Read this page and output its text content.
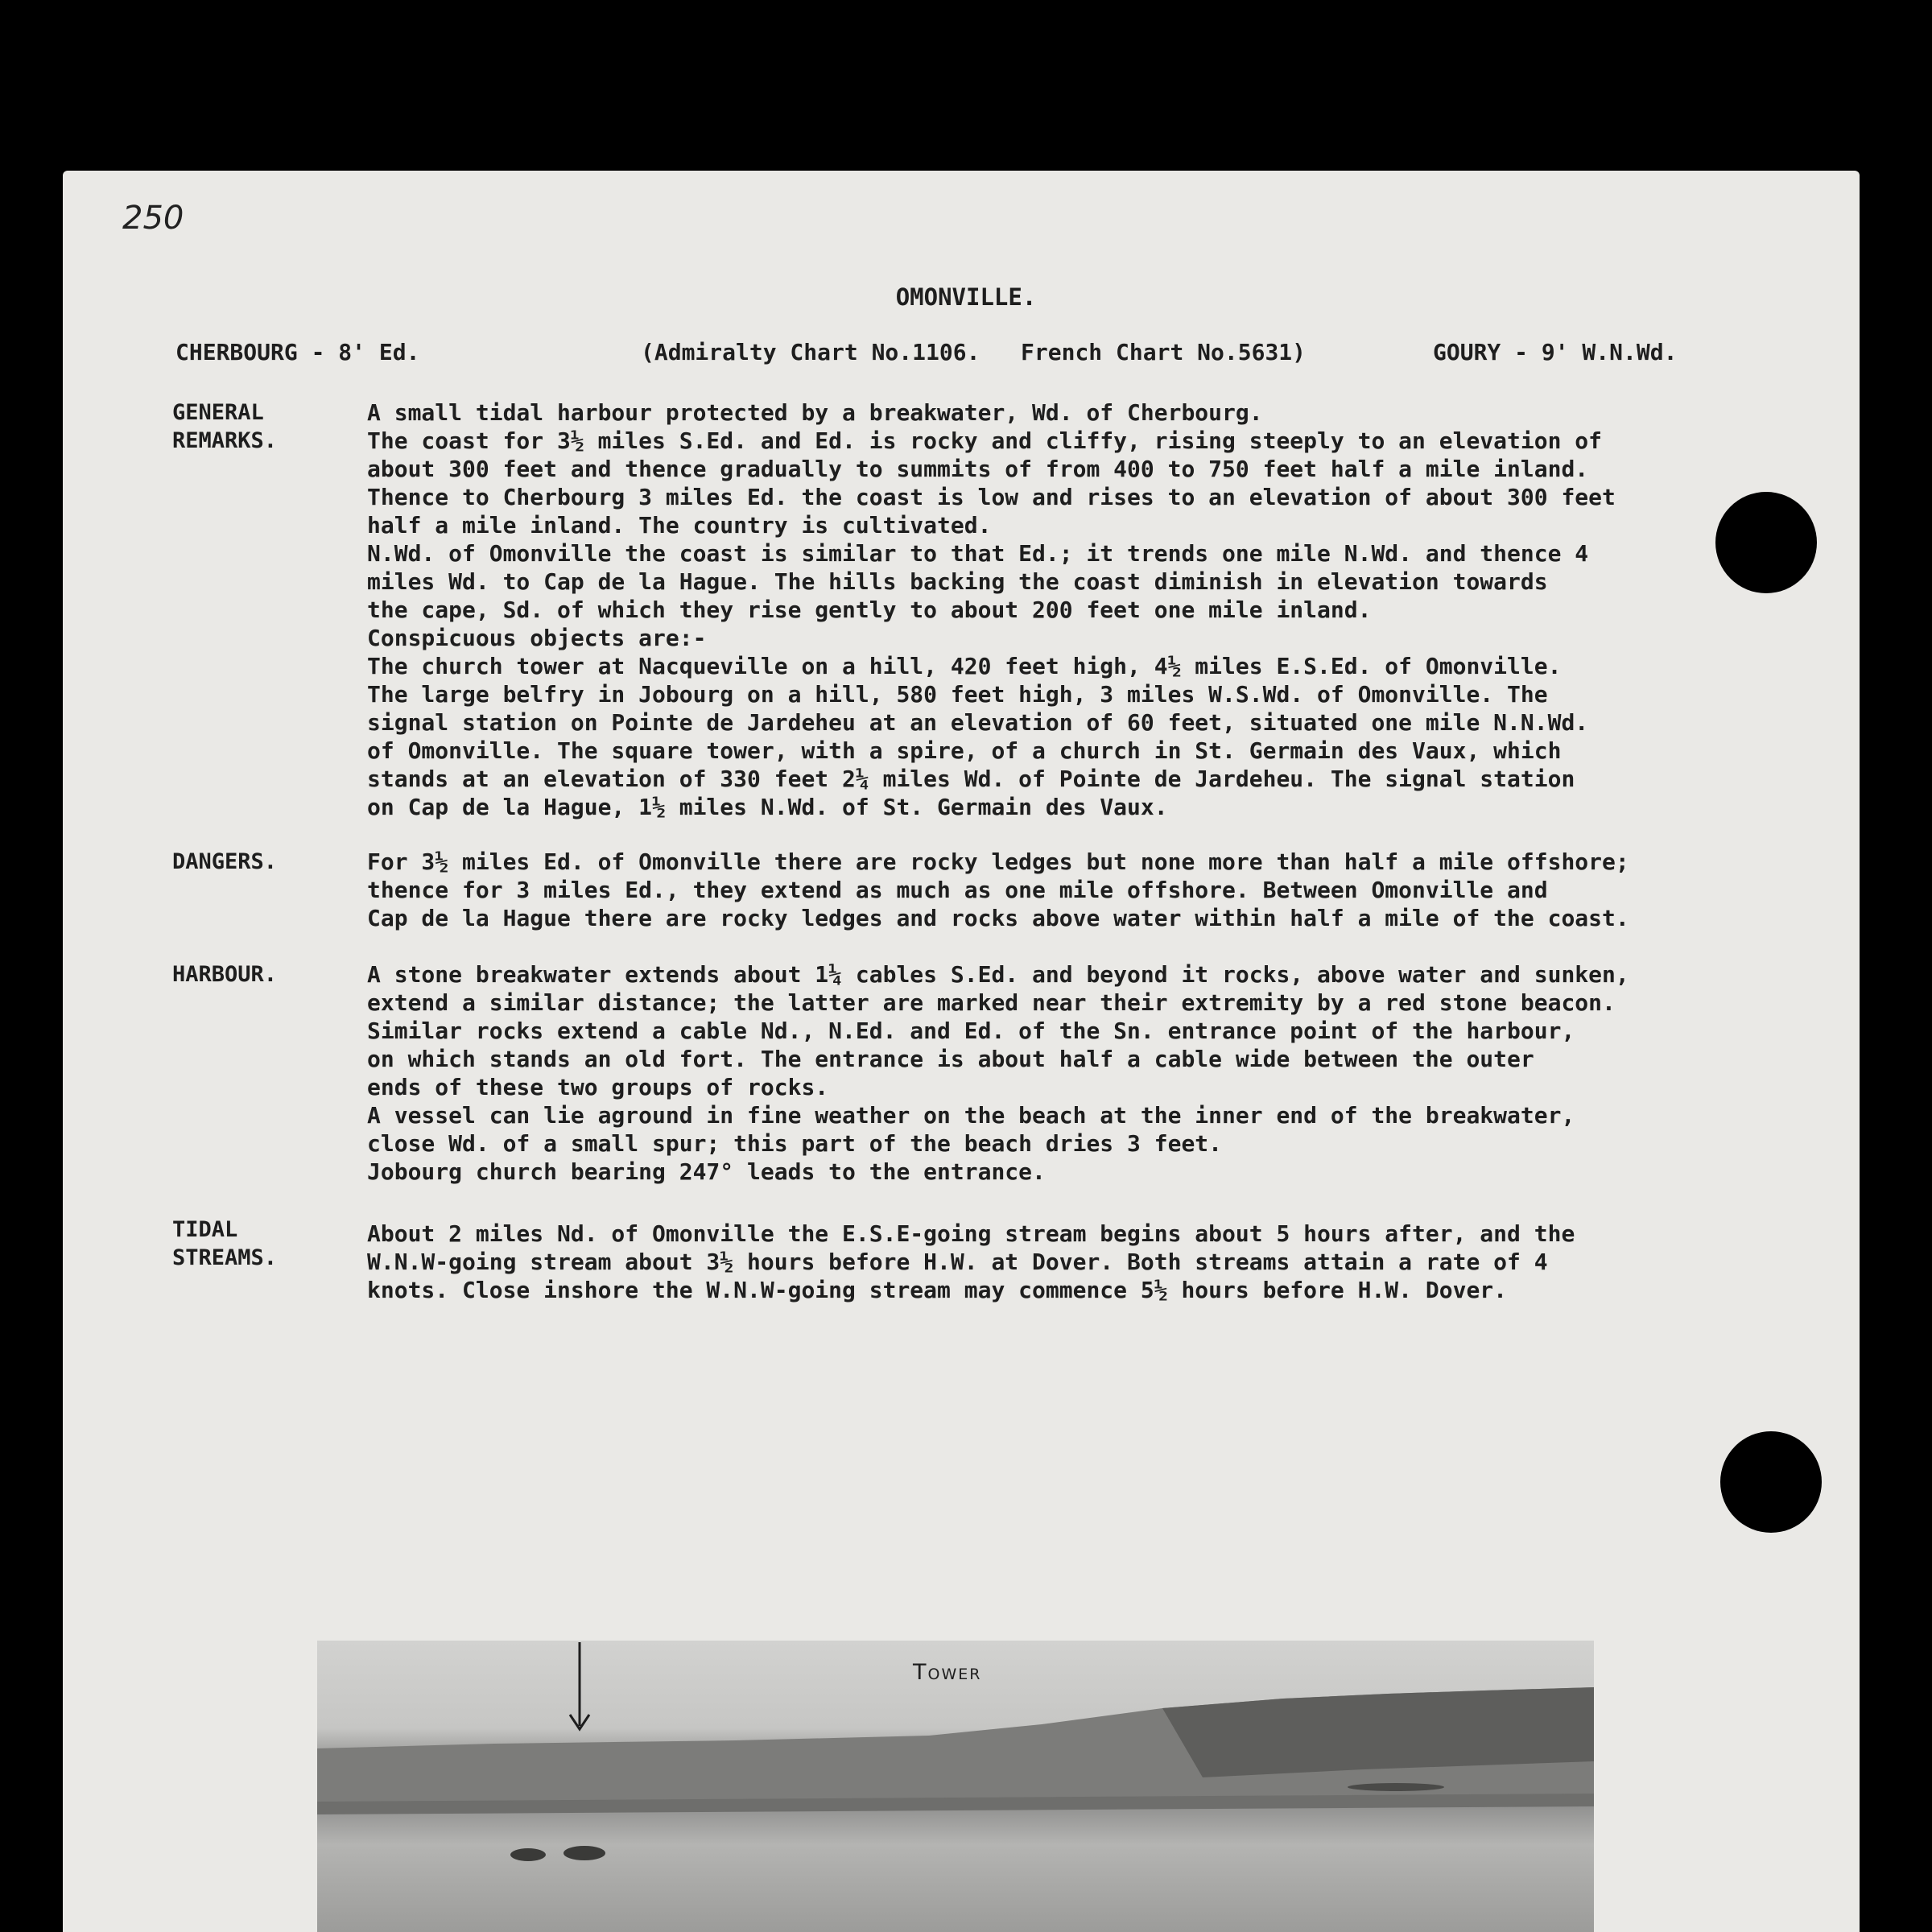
250
OMONVILLE.
CHERBOURG - 8' Ed.	(Admiralty Chart No.1106.   French Chart No.5631)	GOURY - 9' W.N.Wd.
GENERAL
REMARKS.
A small tidal harbour protected by a breakwater, Wd. of Cherbourg.
The coast for 3½ miles S.Ed. and Ed. is rocky and cliffy, rising steeply to an elevation of
about 300 feet and thence gradually to summits of from 400 to 750 feet half a mile inland.
Thence to Cherbourg 3 miles Ed. the coast is low and rises to an elevation of about 300 feet
half a mile inland. The country is cultivated.
N.Wd. of Omonville the coast is similar to that Ed.; it trends one mile N.Wd. and thence 4
miles Wd. to Cap de la Hague. The hills backing the coast diminish in elevation towards
the cape, Sd. of which they rise gently to about 200 feet one mile inland.
Conspicuous objects are:-
The church tower at Nacqueville on a hill, 420 feet high, 4½ miles E.S.Ed. of Omonville.
The large belfry in Jobourg on a hill, 580 feet high, 3 miles W.S.Wd. of Omonville. The
signal station on Pointe de Jardeheu at an elevation of 60 feet, situated one mile N.N.Wd.
of Omonville. The square tower, with a spire, of a church in St. Germain des Vaux, which
stands at an elevation of 330 feet 2¼ miles Wd. of Pointe de Jardeheu. The signal station
on Cap de la Hague, 1½ miles N.Wd. of St. Germain des Vaux.
DANGERS.	For 3½ miles Ed. of Omonville there are rocky ledges but none more than half a mile offshore;
thence for 3 miles Ed., they extend as much as one mile offshore. Between Omonville and
Cap de la Hague there are rocky ledges and rocks above water within half a mile of the coast.
HARBOUR.	A stone breakwater extends about 1¼ cables S.Ed. and beyond it rocks, above water and sunken,
extend a similar distance; the latter are marked near their extremity by a red stone beacon.
Similar rocks extend a cable Nd., N.Ed. and Ed. of the Sn. entrance point of the harbour,
on which stands an old fort. The entrance is about half a cable wide between the outer
ends of these two groups of rocks.
A vessel can lie aground in fine weather on the beach at the inner end of the breakwater,
close Wd. of a small spur; this part of the beach dries 3 feet.
Jobourg church bearing 247° leads to the entrance.
TIDAL
STREAMS.
About 2 miles Nd. of Omonville the E.S.E-going stream begins about 5 hours after, and the
W.N.W-going stream about 3½ hours before H.W. at Dover. Both streams attain a rate of 4
knots. Close inshore the W.N.W-going stream may commence 5½ hours before H.W. Dover.
Tower
